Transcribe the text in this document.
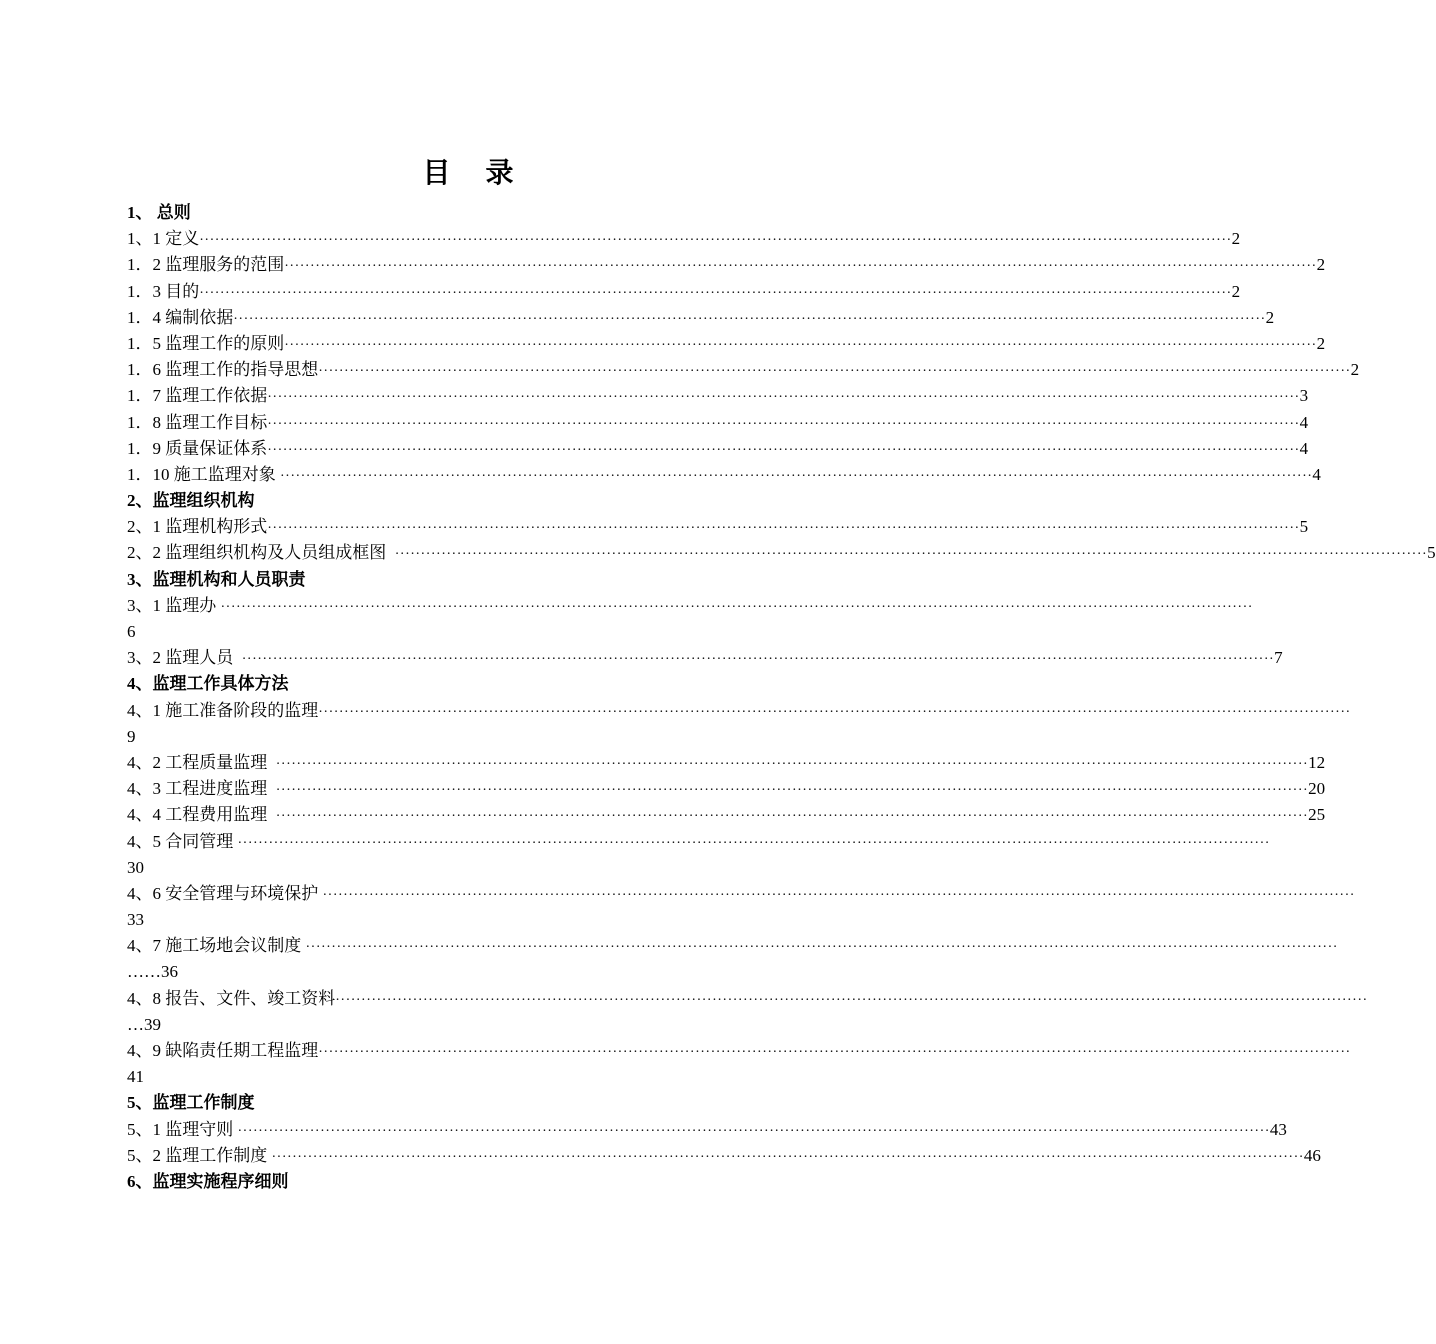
目 录
1、 总则
1、1 定义 ········································································································································································································ 2
1．2 监理服务的范围 ········································································································································································································ 2
1．3 目的 ········································································································································································································ 2
1．4 编制依据 ········································································································································································································ 2
1．5 监理工作的原则 ········································································································································································································ 2
1．6 监理工作的指导思想 ········································································································································································································ 2
1．7 监理工作依据 ········································································································································································································ 3
1．8 监理工作目标 ········································································································································································································ 4
1．9 质量保证体系 ········································································································································································································ 4
1．10 施工监理对象 ········································································································································································································ 4
2、监理组织机构
2、1 监理机构形式 ········································································································································································································ 5
2、2 监理组织机构及人员组成框图 ········································································································································································································ 5
3、监理机构和人员职责
3、1 监理办 ········································································································································································································
6
3、2 监理人员 ········································································································································································································ 7
4、监理工作具体方法
4、1 施工准备阶段的监理 ········································································································································································································
9
4、2 工程质量监理 ········································································································································································································ 12
4、3 工程进度监理 ········································································································································································································ 20
4、4 工程费用监理 ········································································································································································································ 25
4、5 合同管理 ········································································································································································································
30
4、6 安全管理与环境保护 ········································································································································································································
33
4、7 施工场地会议制度 ········································································································································································································
……36
4、8 报告、文件、竣工资料 ········································································································································································································
…39
4、9 缺陷责任期工程监理 ········································································································································································································
41
5、监理工作制度
5、1 监理守则 ········································································································································································································ 43
5、2 监理工作制度 ········································································································································································································ 46
6、监理实施程序细则
